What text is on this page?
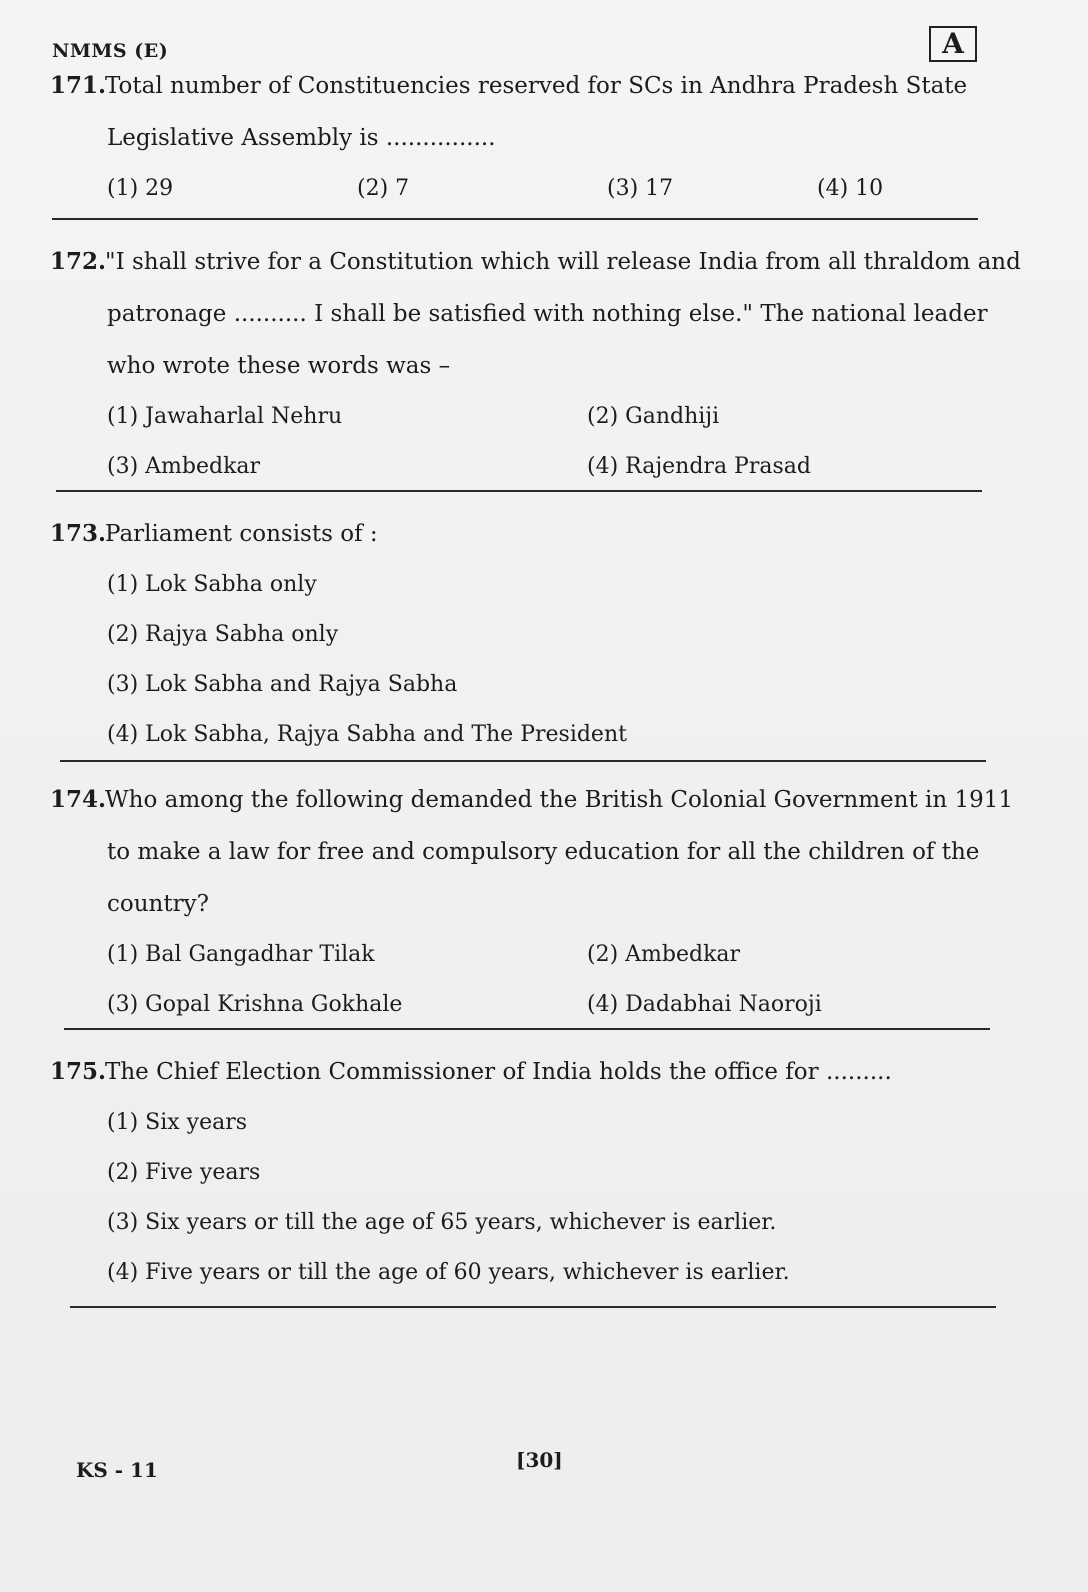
NMMS (E)	A
171.Total number of Constituencies reserved for SCs in Andhra Pradesh State
Legislative Assembly is ...............
(1) 29	(2) 7	(3) 17	(4) 10
172."I shall strive for a Constitution which will release India from all thraldom and
patronage .......... I shall be satisfied with nothing else." The national leader
who wrote these words was –
(1) Jawaharlal Nehru	(2) Gandhiji
(3) Ambedkar	(4) Rajendra Prasad
173.Parliament consists of :
(1) Lok Sabha only
(2) Rajya Sabha only
(3) Lok Sabha and Rajya Sabha
(4) Lok Sabha, Rajya Sabha and The President
174.Who among the following demanded the British Colonial Government in 1911
to make a law for free and compulsory education for all the children of the
country?
(1) Bal Gangadhar Tilak	(2) Ambedkar
(3) Gopal Krishna Gokhale	(4) Dadabhai Naoroji
175.The Chief Election Commissioner of India holds the office for .........
(1) Six years
(2) Five years
(3) Six years or till the age of 65 years, whichever is earlier.
(4) Five years or till the age of 60 years, whichever is earlier.
KS - 11	[30]
